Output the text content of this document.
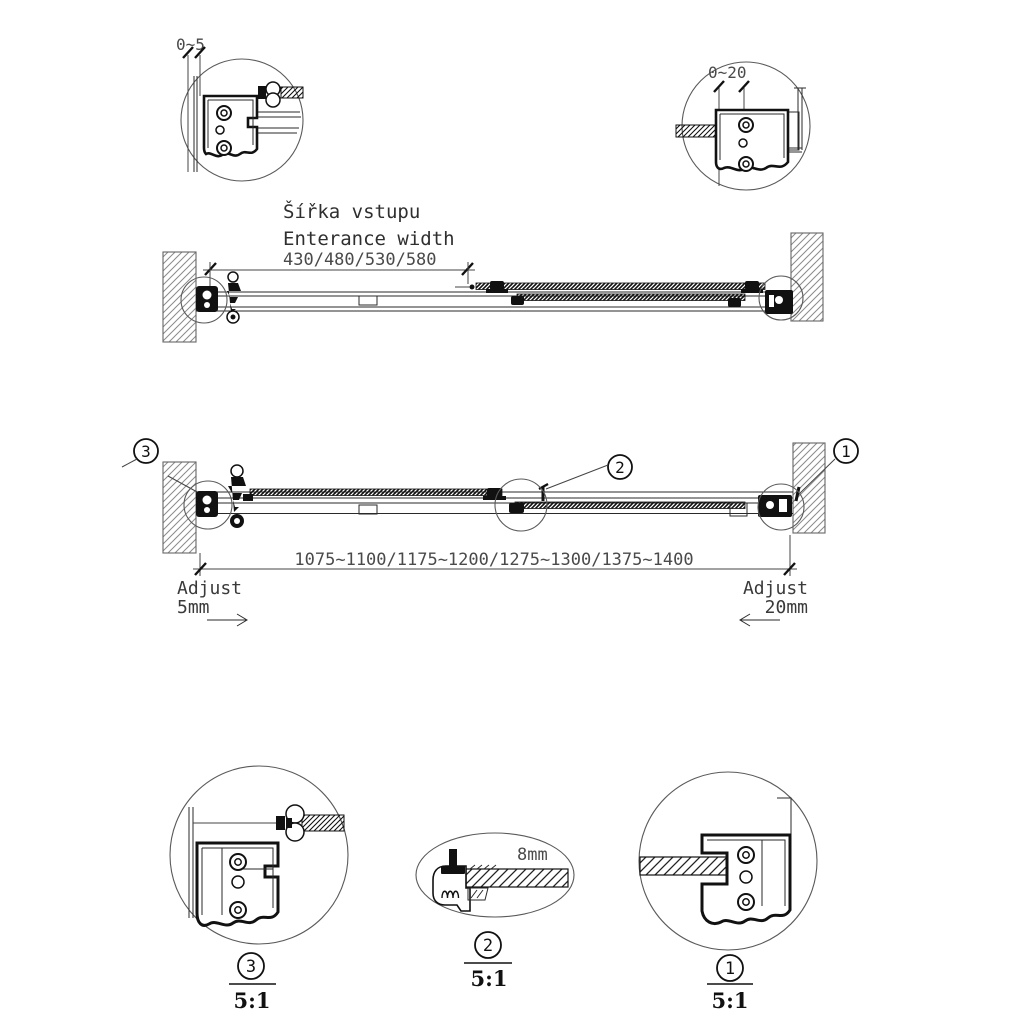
0~5
0~20
Šířka vstupu
Enterance width
430/480/530/580
3	1
2
1075~1100/1175~1200/1275~1300/1375~1400
Adjust
5mm
Adjust
20mm
3
5:1
8mm
2
5:1	1
5:1
